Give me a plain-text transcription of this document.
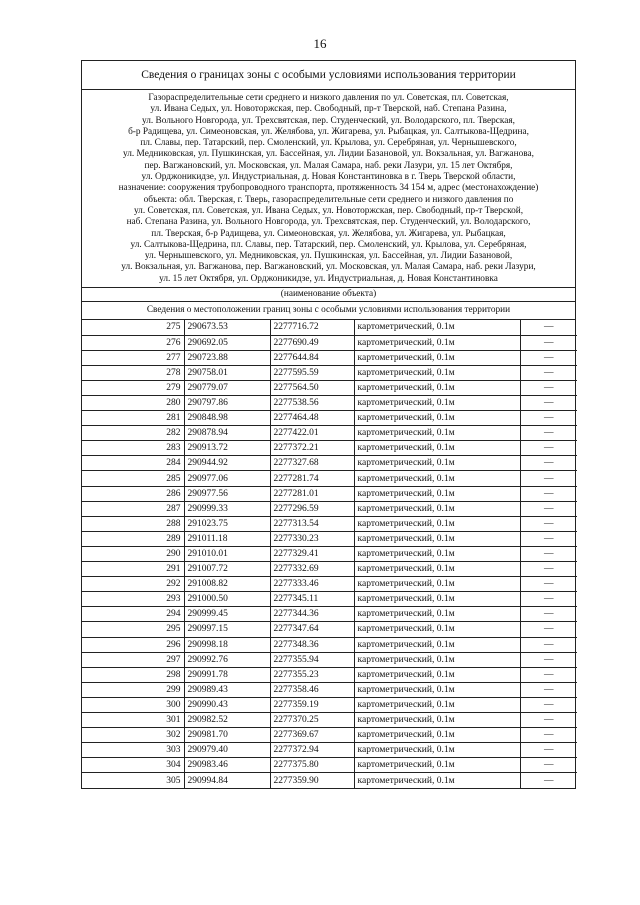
16
Сведения о границах зоны с особыми условиями использования территории
Газораспределительные сети среднего и низкого давления по ул. Советская, пл. Советская,
ул. Ивана Седых, ул. Новоторжская, пер. Свободный, пр-т Тверской, наб. Степана Разина,
ул. Вольного Новгорода, ул. Трехсвятская, пер. Студенческий, ул. Володарского, пл. Тверская,
б-р Радищева, ул. Симеоновская, ул. Желябова, ул. Жигарева, ул. Рыбацкая, ул. Салтыкова-Щедрина,
пл. Славы, пер. Татарский, пер. Смоленский, ул. Крылова, ул. Серебряная, ул. Чернышевского,
ул. Медниковская, ул. Пушкинская, ул. Бассейная, ул. Лидии Базановой, ул. Вокзальная, ул. Вагжанова,
пер. Вагжановский, ул. Московская, ул. Малая Самара, наб. реки Лазури, ул. 15 лет Октября,
ул. Орджоникидзе, ул. Индустриальная, д. Новая Константиновка в г. Тверь Тверской области,
назначение: сооружения трубопроводного транспорта, протяженность 34 154 м, адрес (местонахождение)
объекта: обл. Тверская, г. Тверь, газораспределительные сети среднего и низкого давления по
ул. Советская, пл. Советская, ул. Ивана Седых, ул. Новоторжская, пер. Свободный, пр-т Тверской,
наб. Степана Разина, ул. Вольного Новгорода, ул. Трехсвятская, пер. Студенческий, ул. Володарского,
пл. Тверская, б-р Радищева, ул. Симеоновская, ул. Желябова, ул. Жигарева, ул. Рыбацкая,
ул. Салтыкова-Щедрина, пл. Славы, пер. Татарский, пер. Смоленский, ул. Крылова, ул. Серебряная,
ул. Чернышевского, ул. Медниковская, ул. Пушкинская, ул. Бассейная, ул. Лидии Базановой,
ул. Вокзальная, ул. Вагжанова, пер. Вагжановский, ул. Московская, ул. Малая Самара, наб. реки Лазури,
ул. 15 лет Октября, ул. Орджоникидзе, ул. Индустриальная, д. Новая Константиновка
(наименование объекта)
Сведения о местоположении границ зоны с особыми условиями использования территории
275	290673.53	2277716.72	картометрический, 0.1м	—
276	290692.05	2277690.49	картометрический, 0.1м	—
277	290723.88	2277644.84	картометрический, 0.1м	—
278	290758.01	2277595.59	картометрический, 0.1м	—
279	290779.07	2277564.50	картометрический, 0.1м	—
280	290797.86	2277538.56	картометрический, 0.1м	—
281	290848.98	2277464.48	картометрический, 0.1м	—
282	290878.94	2277422.01	картометрический, 0.1м	—
283	290913.72	2277372.21	картометрический, 0.1м	—
284	290944.92	2277327.68	картометрический, 0.1м	—
285	290977.06	2277281.74	картометрический, 0.1м	—
286	290977.56	2277281.01	картометрический, 0.1м	—
287	290999.33	2277296.59	картометрический, 0.1м	—
288	291023.75	2277313.54	картометрический, 0.1м	—
289	291011.18	2277330.23	картометрический, 0.1м	—
290	291010.01	2277329.41	картометрический, 0.1м	—
291	291007.72	2277332.69	картометрический, 0.1м	—
292	291008.82	2277333.46	картометрический, 0.1м	—
293	291000.50	2277345.11	картометрический, 0.1м	—
294	290999.45	2277344.36	картометрический, 0.1м	—
295	290997.15	2277347.64	картометрический, 0.1м	—
296	290998.18	2277348.36	картометрический, 0.1м	—
297	290992.76	2277355.94	картометрический, 0.1м	—
298	290991.78	2277355.23	картометрический, 0.1м	—
299	290989.43	2277358.46	картометрический, 0.1м	—
300	290990.43	2277359.19	картометрический, 0.1м	—
301	290982.52	2277370.25	картометрический, 0.1м	—
302	290981.70	2277369.67	картометрический, 0.1м	—
303	290979.40	2277372.94	картометрический, 0.1м	—
304	290983.46	2277375.80	картометрический, 0.1м	—
305	290994.84	2277359.90	картометрический, 0.1м	—
